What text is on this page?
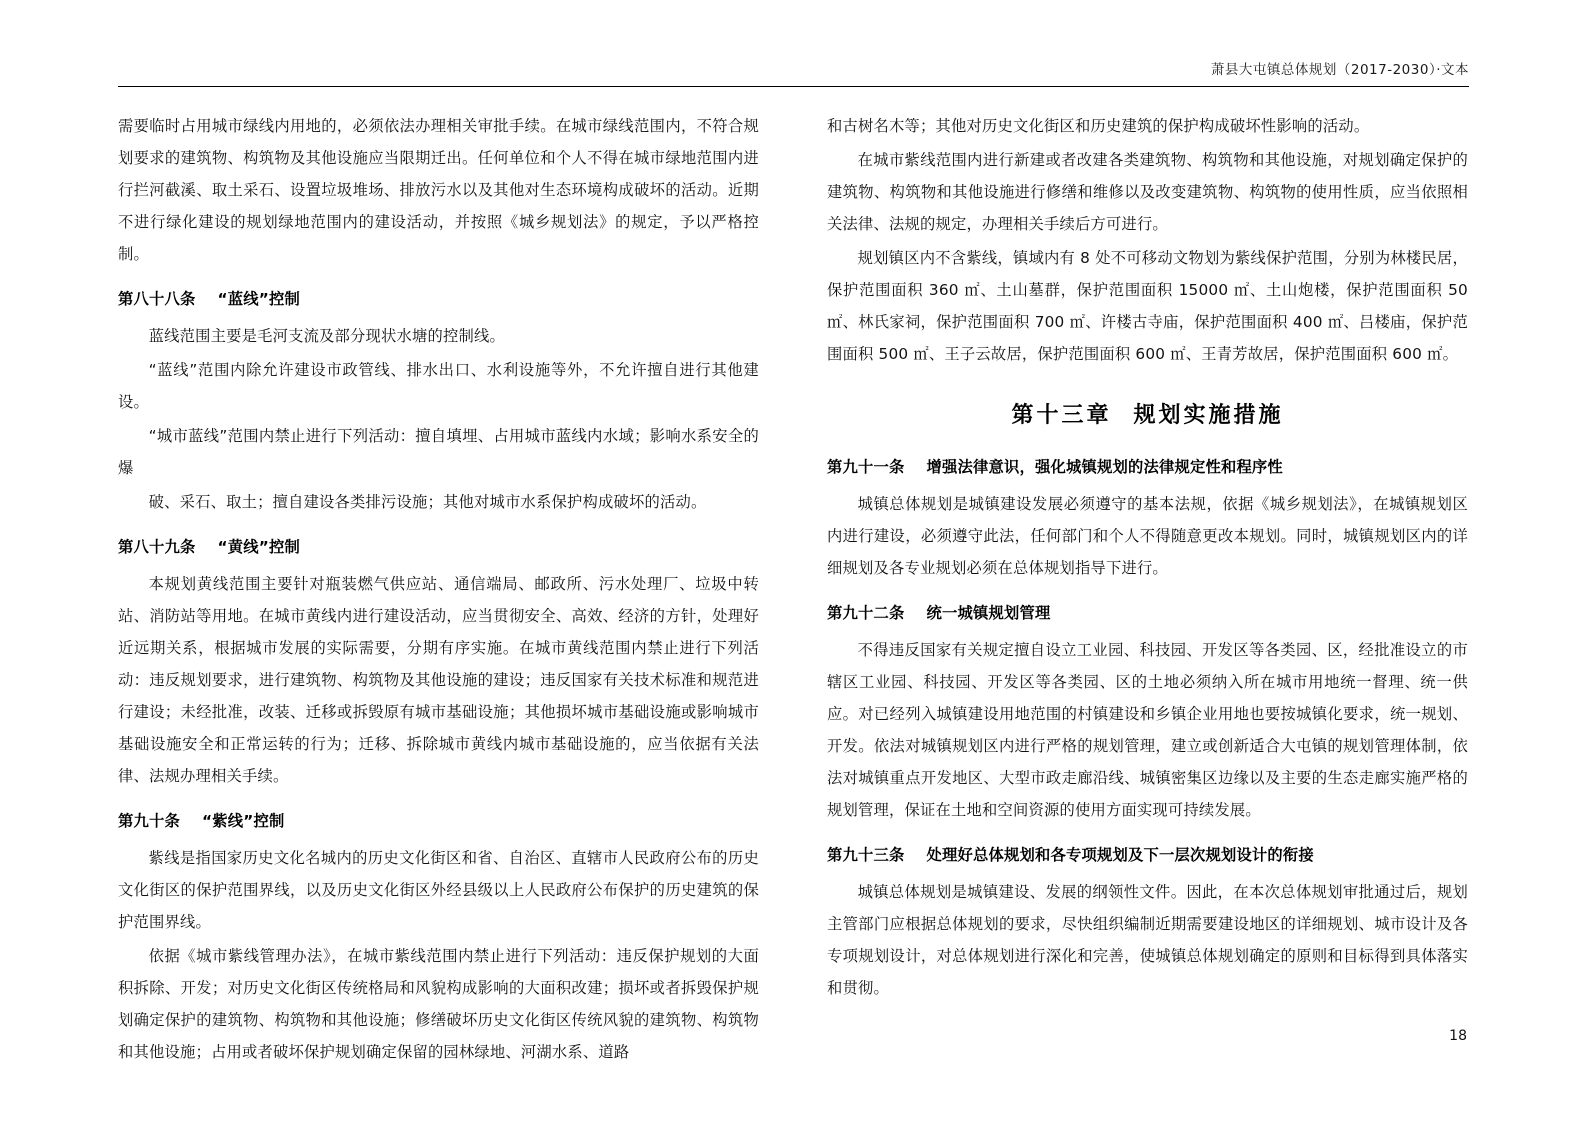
萧县大屯镇总体规划（2017-2030）·文本

需要临时占用城市绿线内用地的，必须依法办理相关审批手续。在城市绿线范围内，不符合规划要求的建筑物、构筑物及其他设施应当限期迁出。任何单位和个人不得在城市绿地范围内进行拦河截溪、取土采石、设置垃圾堆场、排放污水以及其他对生态环境构成破坏的活动。近期不进行绿化建设的规划绿地范围内的建设活动，并按照《城乡规划法》的规定，予以严格控制。

第八十八条 “蓝线”控制

蓝线范围主要是毛河支流及部分现状水塘的控制线。

“蓝线”范围内除允许建设市政管线、排水出口、水利设施等外，不允许擅自进行其他建设。

“城市蓝线”范围内禁止进行下列活动：擅自填埋、占用城市蓝线内水域；影响水系安全的爆

破、采石、取土；擅自建设各类排污设施；其他对城市水系保护构成破坏的活动。

第八十九条 “黄线”控制

本规划黄线范围主要针对瓶装燃气供应站、通信端局、邮政所、污水处理厂、垃圾中转站、消防站等用地。在城市黄线内进行建设活动，应当贯彻安全、高效、经济的方针，处理好近远期关系，根据城市发展的实际需要，分期有序实施。在城市黄线范围内禁止进行下列活动：违反规划要求，进行建筑物、构筑物及其他设施的建设；违反国家有关技术标准和规范进行建设；未经批准，改装、迁移或拆毁原有城市基础设施；其他损坏城市基础设施或影响城市基础设施安全和正常运转的行为；迁移、拆除城市黄线内城市基础设施的，应当依据有关法律、法规办理相关手续。

第九十条 “紫线”控制

紫线是指国家历史文化名城内的历史文化街区和省、自治区、直辖市人民政府公布的历史文化街区的保护范围界线，以及历史文化街区外经县级以上人民政府公布保护的历史建筑的保护范围界线。

依据《城市紫线管理办法》，在城市紫线范围内禁止进行下列活动：违反保护规划的大面积拆除、开发；对历史文化街区传统格局和风貌构成影响的大面积改建；损坏或者拆毁保护规划确定保护的建筑物、构筑物和其他设施；修缮破坏历史文化街区传统风貌的建筑物、构筑物和其他设施；占用或者破坏保护规划确定保留的园林绿地、河湖水系、道路

和古树名木等；其他对历史文化街区和历史建筑的保护构成破坏性影响的活动。

在城市紫线范围内进行新建或者改建各类建筑物、构筑物和其他设施，对规划确定保护的建筑物、构筑物和其他设施进行修缮和维修以及改变建筑物、构筑物的使用性质，应当依照相关法律、法规的规定，办理相关手续后方可进行。

规划镇区内不含紫线，镇域内有 8 处不可移动文物划为紫线保护范围，分别为林楼民居，保护范围面积 360 ㎡、土山墓群，保护范围面积 15000 ㎡、土山炮楼，保护范围面积 50 ㎡、林氏家祠，保护范围面积 700 ㎡、许楼古寺庙，保护范围面积 400 ㎡、吕楼庙，保护范围面积 500 ㎡、王子云故居，保护范围面积 600 ㎡、王青芳故居，保护范围面积 600 ㎡。

第十三章 规划实施措施
第九十一条 增强法律意识，强化城镇规划的法律规定性和程序性

城镇总体规划是城镇建设发展必须遵守的基本法规，依据《城乡规划法》，在城镇规划区内进行建设，必须遵守此法，任何部门和个人不得随意更改本规划。同时，城镇规划区内的详细规划及各专业规划必须在总体规划指导下进行。

第九十二条 统一城镇规划管理

不得违反国家有关规定擅自设立工业园、科技园、开发区等各类园、区，经批准设立的市辖区工业园、科技园、开发区等各类园、区的土地必须纳入所在城市用地统一督理、统一供应。对已经列入城镇建设用地范围的村镇建设和乡镇企业用地也要按城镇化要求，统一规划、开发。依法对城镇规划区内进行严格的规划管理，建立或创新适合大屯镇的规划管理体制，依法对城镇重点开发地区、大型市政走廊沿线、城镇密集区边缘以及主要的生态走廊实施严格的规划管理，保证在土地和空间资源的使用方面实现可持续发展。

第九十三条 处理好总体规划和各专项规划及下一层次规划设计的衔接

城镇总体规划是城镇建设、发展的纲领性文件。因此，在本次总体规划审批通过后，规划主管部门应根据总体规划的要求，尽快组织编制近期需要建设地区的详细规划、城市设计及各专项规划设计，对总体规划进行深化和完善，使城镇总体规划确定的原则和目标得到具体落实和贯彻。

18
